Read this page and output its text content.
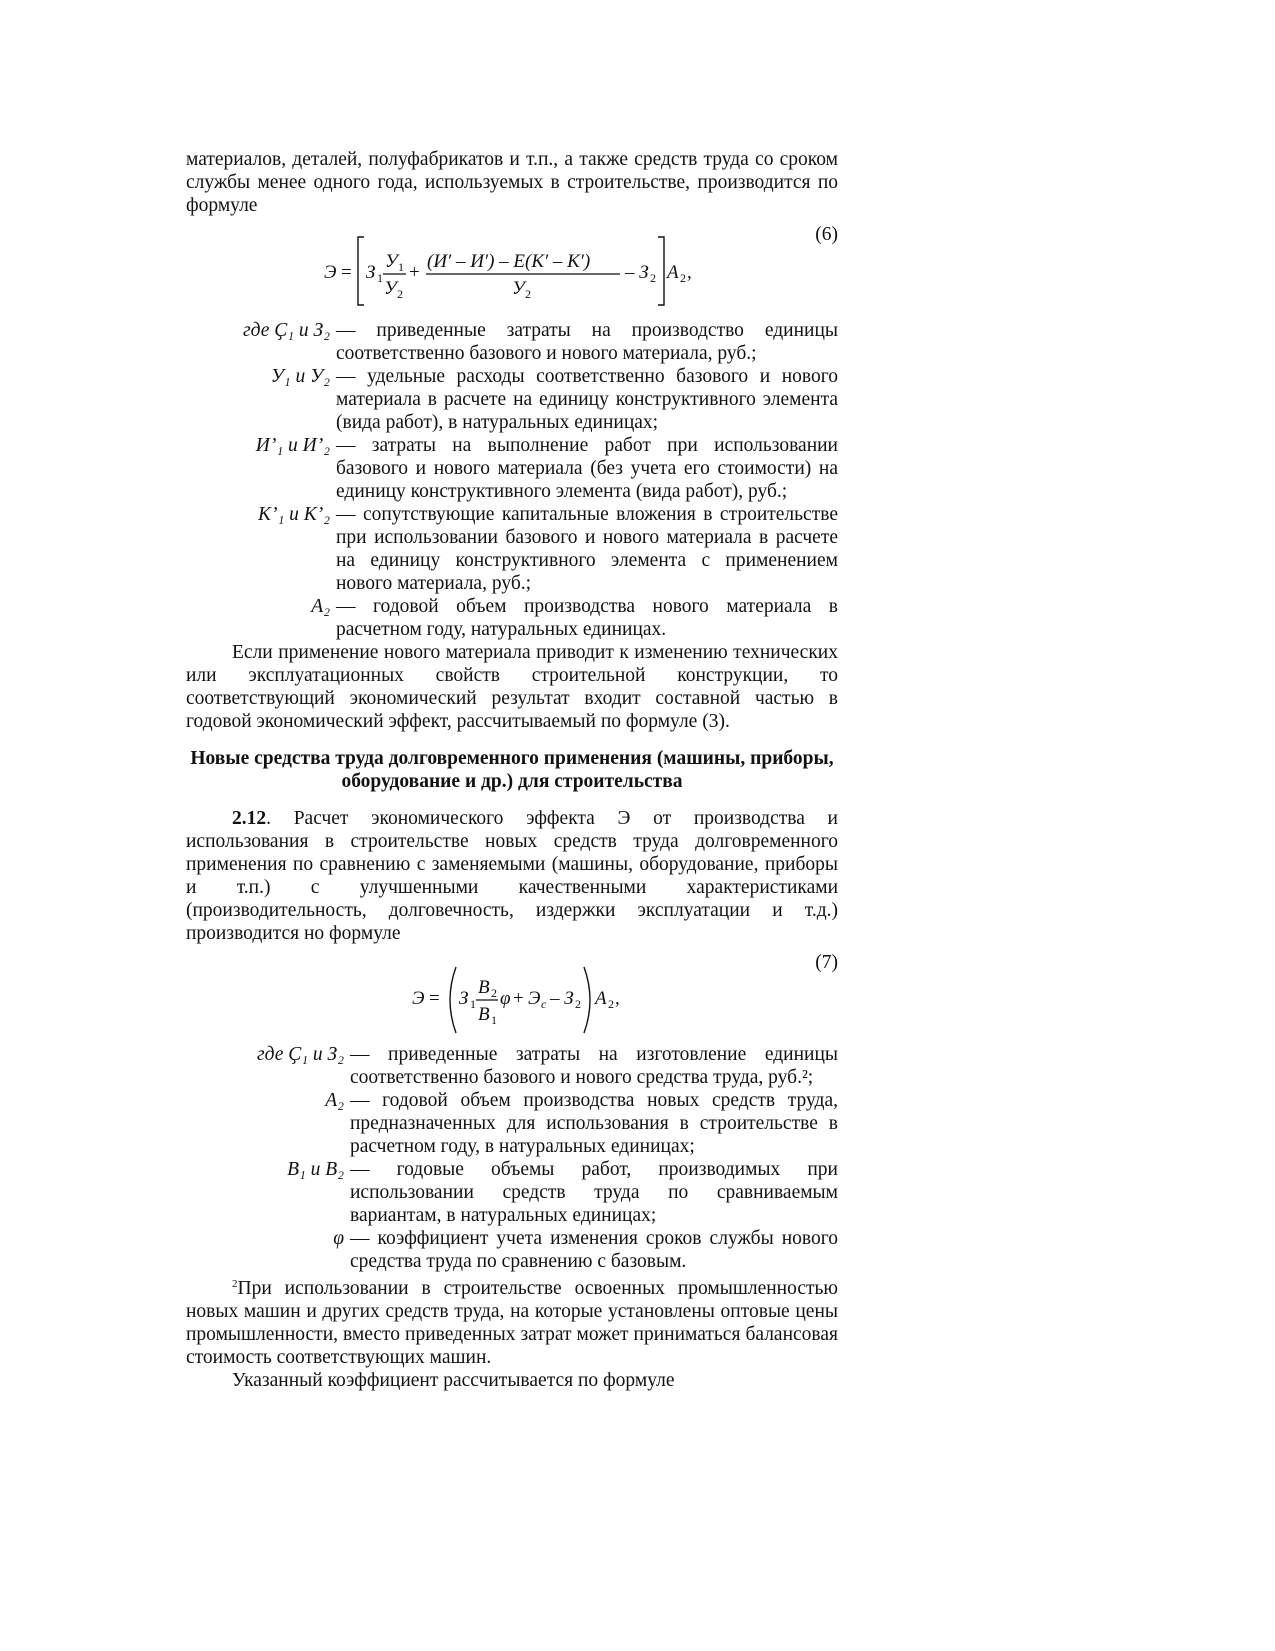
материалов, деталей, полуфабрикатов и т.п., а также средств труда со сроком службы менее одного года, используемых в строительстве, производится по формуле

(6)
Э = З 1
У 1
У 2
+
(И′ – И′) – Е(К′ – К′)
У 2
– З 2 А 2 ,
где Ҫ₁ и З₂ — приведенные затраты на производство единицы соответственно базового и нового материала, руб.;
У₁ и У₂ — удельные расходы соответственно базового и нового материала в расчете на единицу конструктивного элемента (вида работ), в натуральных единицах;
И’₁ и И’₂ — затраты на выполнение работ при использовании базового и нового материала (без учета его стоимости) на единицу конструктивного элемента (вида работ), руб.;
К’₁ и К’₂ — сопутствующие капитальные вложения в строительстве при использовании базового и нового материала в расчете на единицу конструктивного элемента с применением нового материала, руб.;
А₂ — годовой объем производства нового материала в расчетном году, натуральных единицах.

Если применение нового материала приводит к изменению технических или эксплуатационных свойств строительной конструкции, то соответствующий экономический результат входит составной частью в годовой экономический эффект, рассчитываемый по формуле (3).

Новые средства труда долговременного применения (машины, приборы, оборудование и др.) для строительства

2.12. Расчет экономического эффекта Э от производства и использования в строительстве новых средств труда долговременного применения по сравнению с заменяемыми (машины, оборудование, приборы и т.п.) с улучшенными качественными характеристиками (производительность, долговечность, издержки эксплуатации и т.д.) производится но формуле

(7)
Э = З 1
В 2
В 1
φ + Э с – З 2 А 2 ,
где Ҫ₁ и З₂ — приведенные затраты на изготовление единицы соответственно базового и нового средства труда, руб.²;
А₂ — годовой объем производства новых средств труда, предназначенных для использования в строительстве в расчетном году, в натуральных единицах;
В₁ и В₂ — годовые объемы работ, производимых при использовании средств труда по сравниваемым вариантам, в натуральных единицах;
φ — коэффициент учета изменения сроков службы нового средства труда по сравнению с базовым.

$^2$При использовании в строительстве освоенных промышленностью новых машин и других средств труда, на которые установлены оптовые цены промышленности, вместо приведенных затрат может приниматься балансовая стоимость соответствующих машин.

Указанный коэффициент рассчитывается по формуле
